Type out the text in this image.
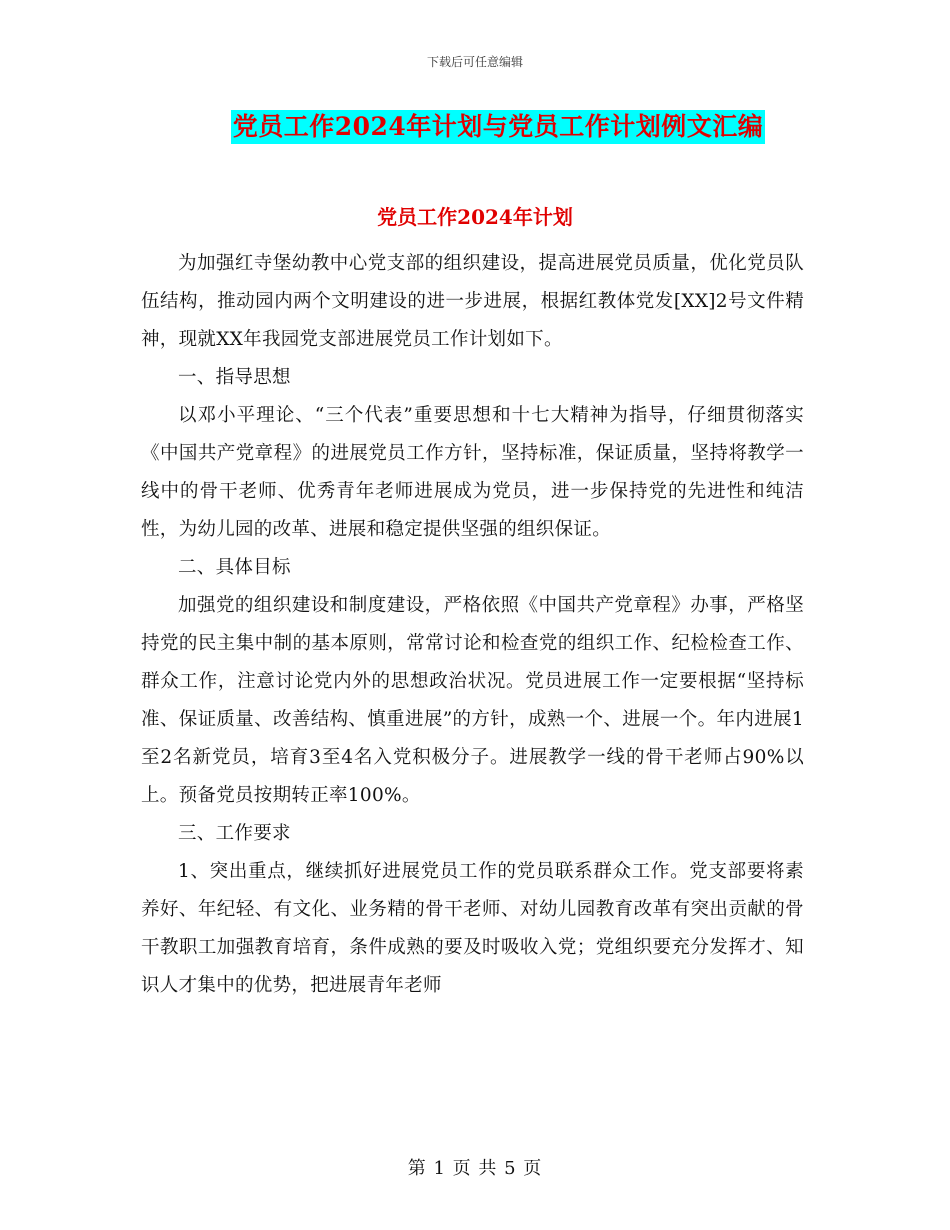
下载后可任意编辑
党员工作2024年计划与党员工作计划例文汇编
党员工作2024年计划

为加强红寺堡幼教中心党支部的组织建设，提高进展党员质量，优化党员队伍结构，推动园内两个文明建设的进一步进展，根据红教体党发[XX]2号文件精神，现就XX年我园党支部进展党员工作计划如下。

一、指导思想

以邓小平理论、“三个代表”重要思想和十七大精神为指导，仔细贯彻落实《中国共产党章程》的进展党员工作方针，坚持标准，保证质量，坚持将教学一线中的骨干老师、优秀青年老师进展成为党员，进一步保持党的先进性和纯洁性，为幼儿园的改革、进展和稳定提供坚强的组织保证。

二、具体目标

加强党的组织建设和制度建设，严格依照《中国共产党章程》办事，严格坚持党的民主集中制的基本原则，常常讨论和检查党的组织工作、纪检检查工作、群众工作，注意讨论党内外的思想政治状况。党员进展工作一定要根据“坚持标准、保证质量、改善结构、慎重进展”的方针，成熟一个、进展一个。年内进展1至2名新党员，培育3至4名入党积极分子。进展教学一线的骨干老师占90%以上。预备党员按期转正率100%。

三、工作要求

1、突出重点，继续抓好进展党员工作的党员联系群众工作。党支部要将素养好、年纪轻、有文化、业务精的骨干老师、对幼儿园教育改革有突出贡献的骨干教职工加强教育培育，条件成熟的要及时吸收入党；党组织要充分发挥才、知识人才集中的优势，把进展青年老师

第 1 页 共 5 页
